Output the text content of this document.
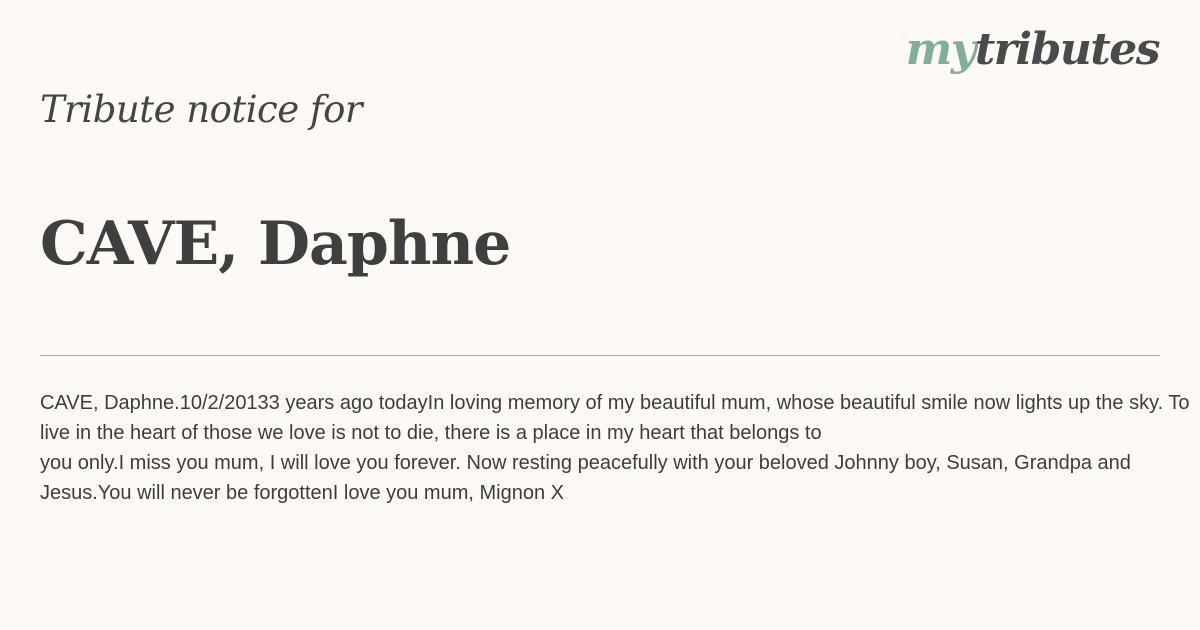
mytributes
Tribute notice for
CAVE, Daphne

CAVE, Daphne.10/2/20133 years ago todayIn loving memory of my beautiful mum, whose beautiful smile now lights up the sky. To live in the heart of those we love is not to die, there is a place in my heart that belongs to
you only.I miss you mum, I will love you forever. Now resting peacefully with your beloved Johnny boy, Susan, Grandpa and Jesus.You will never be forgottenI love you mum, Mignon X
